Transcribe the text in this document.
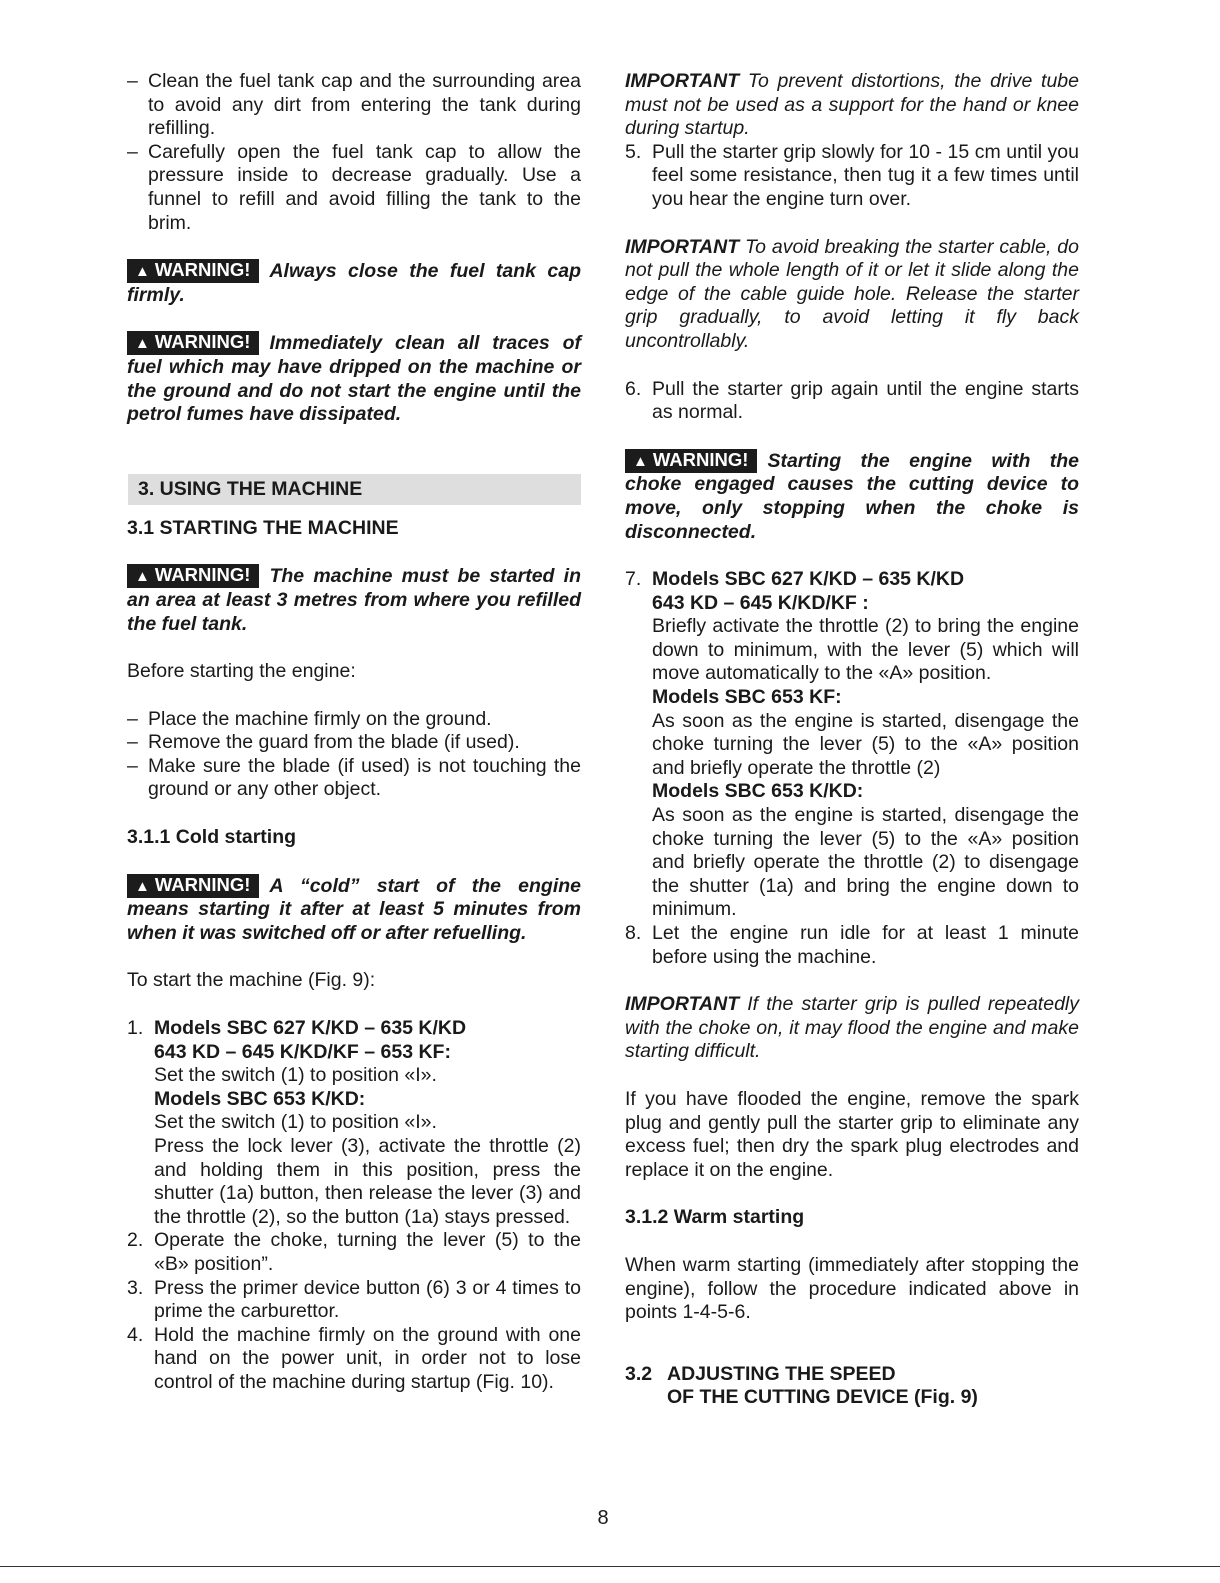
– Clean the fuel tank cap and the surrounding area to avoid any dirt from entering the tank during refilling.
– Carefully open the fuel tank cap to allow the pressure inside to decrease gradually. Use a funnel to refill and avoid filling the tank to the brim.

▲ WARNING! Always close the fuel tank cap firmly.

▲ WARNING! Immediately clean all traces of fuel which may have dripped on the machine or the ground and do not start the engine until the petrol fumes have dissipated.

3. USING THE MACHINE

3.1 STARTING THE MACHINE

▲ WARNING! The machine must be started in an area at least 3 metres from where you refilled the fuel tank.

Before starting the engine:

– Place the machine firmly on the ground.
– Remove the guard from the blade (if used).
– Make sure the blade (if used) is not touching the ground or any other object.

3.1.1 Cold starting

▲ WARNING! A “cold” start of the engine means starting it after at least 5 minutes from when it was switched off or after refuelling.

To start the machine (Fig. 9):

1. Models SBC 627 K/KD – 635 K/KD
643 KD – 645 K/KD/KF – 653 KF:
Set the switch (1) to position «I».
Models SBC 653 K/KD:
Set the switch (1) to position «I».
Press the lock lever (3), activate the throttle (2) and holding them in this position, press the shutter (1a) button, then release the lever (3) and the throttle (2), so the button (1a) stays pressed.
2. Operate the choke, turning the lever (5) to the «B» position”.
3. Press the primer device button (6) 3 or 4 times to prime the carburettor.
4. Hold the machine firmly on the ground with one hand on the power unit, in order not to lose control of the machine during startup (Fig. 10).

IMPORTANT To prevent distortions, the drive tube must not be used as a support for the hand or knee during startup.

5. Pull the starter grip slowly for 10 - 15 cm until you feel some resistance, then tug it a few times until you hear the engine turn over.

IMPORTANT To avoid breaking the starter cable, do not pull the whole length of it or let it slide along the edge of the cable guide hole. Release the starter grip gradually, to avoid letting it fly back uncontrollably.

6. Pull the starter grip again until the engine starts as normal.

▲ WARNING! Starting the engine with the choke engaged causes the cutting device to move, only stopping when the choke is disconnected.

7. Models SBC 627 K/KD – 635 K/KD
643 KD – 645 K/KD/KF :
Briefly activate the throttle (2) to bring the engine down to minimum, with the lever (5) which will move automatically to the «A» position.
Models SBC 653 KF:
As soon as the engine is started, disengage the choke turning the lever (5) to the «A» position and briefly operate the throttle (2)
Models SBC 653 K/KD:
As soon as the engine is started, disengage the choke turning the lever (5) to the «A» position and briefly operate the throttle (2) to disengage the shutter (1a) and bring the engine down to minimum.
8. Let the engine run idle for at least 1 minute before using the machine.

IMPORTANT If the starter grip is pulled repeatedly with the choke on, it may flood the engine and make starting difficult.

If you have flooded the engine, remove the spark plug and gently pull the starter grip to eliminate any excess fuel; then dry the spark plug electrodes and replace it on the engine.

3.1.2 Warm starting

When warm starting (immediately after stopping the engine), follow the procedure indicated above in points 1-4-5-6.

3.2 ADJUSTING THE SPEED
OF THE CUTTING DEVICE (Fig. 9)
8
